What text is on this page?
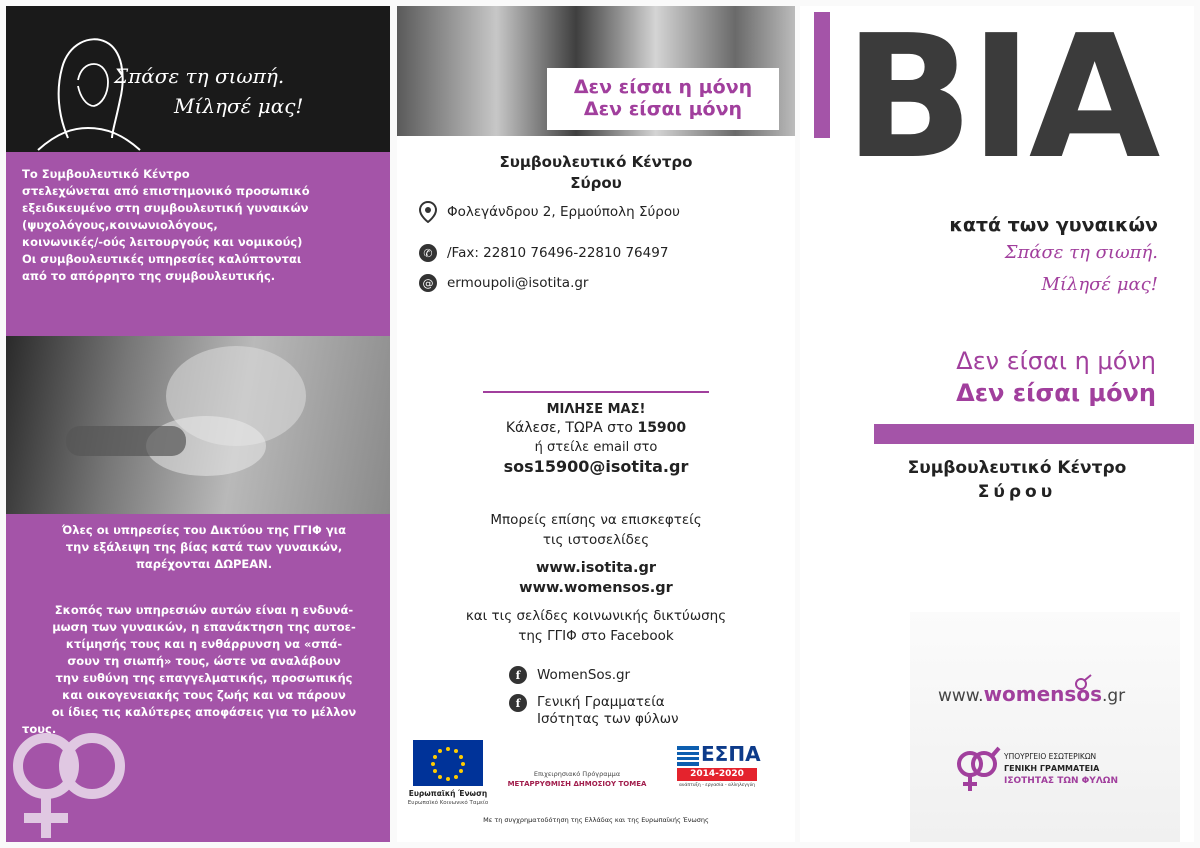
Σπάσε τη σιωπή.
Μίλησέ μας!
Το Συμβουλευτικό Κέντρο
στελεχώνεται από επιστημονικό προσωπικό
εξειδικευμένο στη συμβουλευτική γυναικών
(ψυχολόγους,κοινωνιολόγους,
κοινωνικές/-ούς λειτουργούς και νομικούς)
Οι συμβουλευτικές υπηρεσίες καλύπτονται
από το απόρρητο της συμβουλευτικής.
Όλες οι υπηρεσίες του Δικτύου της ΓΓΙΦ για
την εξάλειψη της βίας κατά των γυναικών,
παρέχονται ΔΩΡΕΑΝ.
Σκοπός των υπηρεσιών αυτών είναι η ενδυνά-
μωση των γυναικών, η επανάκτηση της αυτοε-
κτίμησής τους και η ενθάρρυνση να «σπά-
σουν τη σιωπή» τους, ώστε να αναλάβουν
την ευθύνη της επαγγελματικής, προσωπικής
και οικογενειακής τους ζωής και να πάρουν
οι ίδιες τις καλύτερες αποφάσεις για το μέλλον
τους.
Δεν είσαι η μόνη
Δεν είσαι μόνη
Συμβουλευτικό Κέντρο
Σύρου
Φολεγάνδρου 2, Ερμούπολη Σύρου
✆	/Fax: 22810 76496-22810 76497
@ ermoupoli@isotita.gr
ΜΙΛΗΣΕ ΜΑΣ!
Κάλεσε, ΤΩΡΑ στο 15900
ή στείλε email στο
sos15900@isotita.gr
Μπορείς επίσης να επισκεφτείς
τις ιστοσελίδες
www.isotita.gr
www.womensos.gr
και τις σελίδες κοινωνικής δικτύωσης
της ΓΓΙΦ στο Facebook
f	WomenSos.gr
f	Γενική Γραμματεία
Ισότητας των φύλων
Ευρωπαϊκή Ένωση
Ευρωπαϊκό Κοινωνικό Ταμείο
Επιχειρησιακό Πρόγραμμα
ΜΕΤΑΡΡΥΘΜΙΣΗ ΔΗΜΟΣΙΟΥ ΤΟΜΕΑ
ΕΣΠΑ
2014-2020
ανάπτυξη - εργασία - αλληλεγγύη
Με τη συγχρηματοδότηση της Ελλάδας και της Ευρωπαϊκής Ένωσης
ΒΙΑ
κατά των γυναικών
Σπάσε τη σιωπή.
Μίλησέ μας!
Δεν είσαι η μόνη
Δεν είσαι μόνη
Συμβουλευτικό Κέντρο
Σύρου
www.womensos.gr
ΥΠΟΥΡΓΕΙΟ ΕΣΩΤΕΡΙΚΩΝ
ΓΕΝΙΚΗ ΓΡΑΜΜΑΤΕΙΑ
ΙΣΟΤΗΤΑΣ ΤΩΝ ΦΥΛΩΝ
